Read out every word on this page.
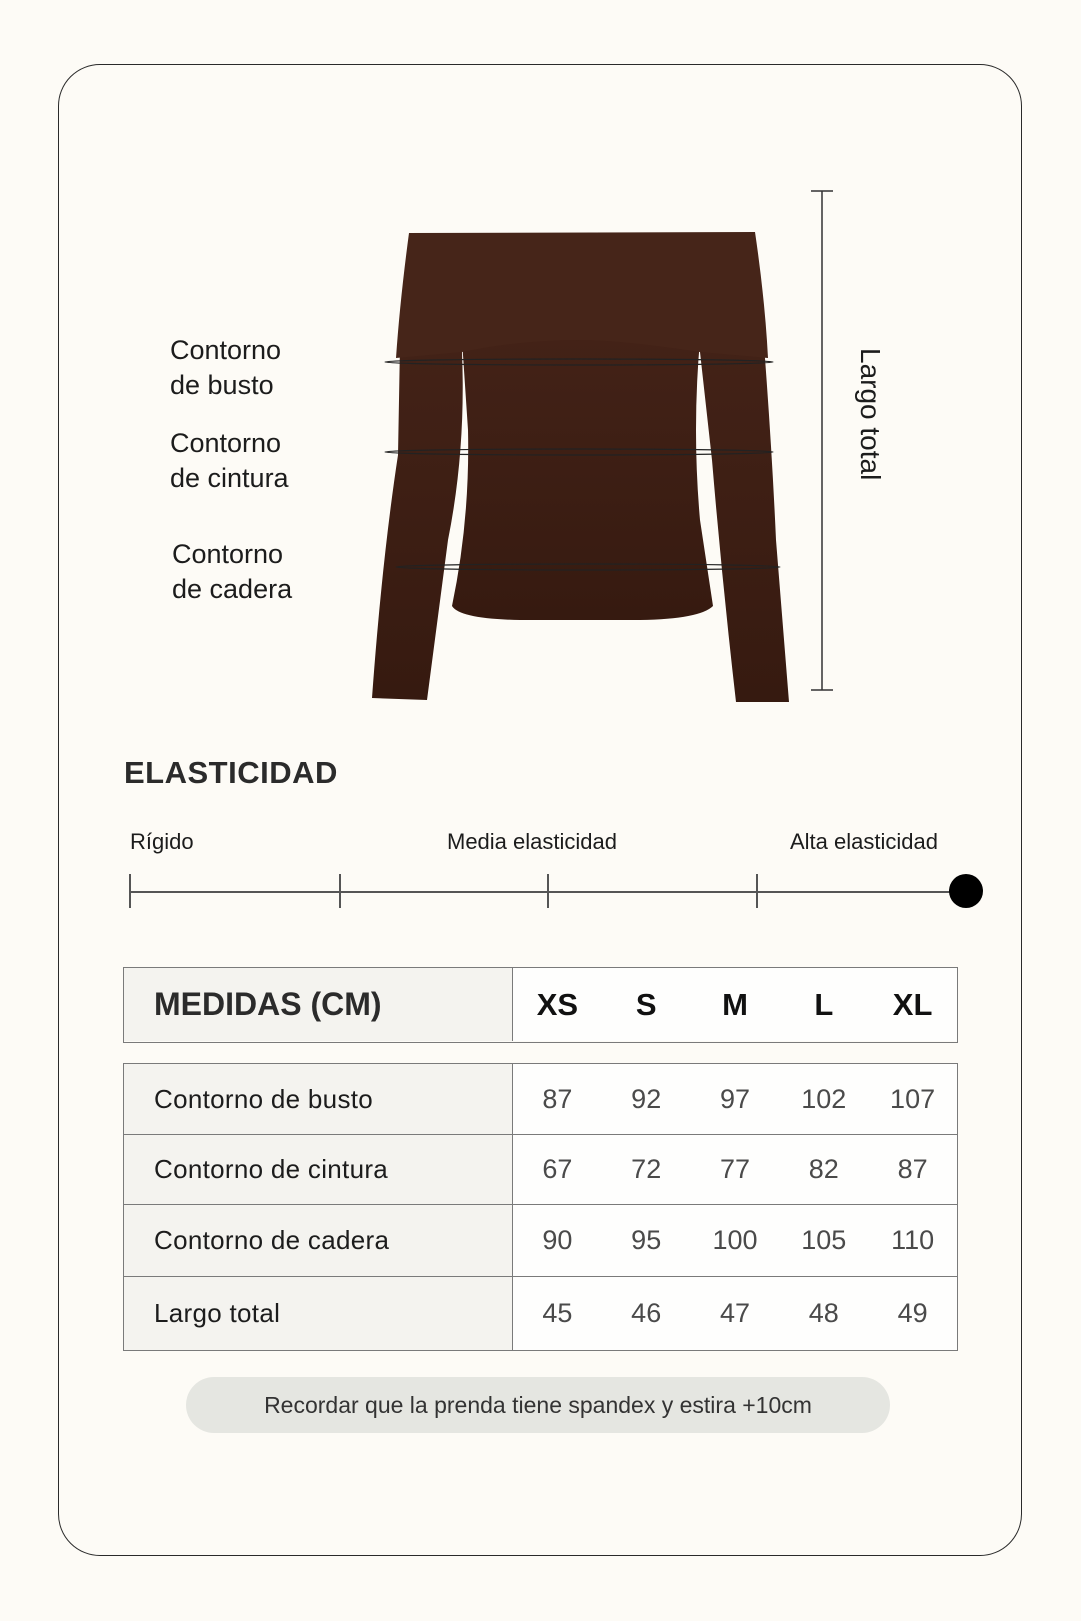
Contorno
de busto
Contorno
de cintura
Contorno
de cadera
Largo total
ELASTICIDAD
Rígido	Media elasticidad	Alta elasticidad
MEDIDAS (CM)	XS	S	M	L	XL
Contorno de busto	87	92	97	102	107
Contorno de cintura	67	72	77	82	87
Contorno de cadera	90	95	100	105	110
Largo total	45	46	47	48	49
Recordar que la prenda tiene spandex y estira +10cm
